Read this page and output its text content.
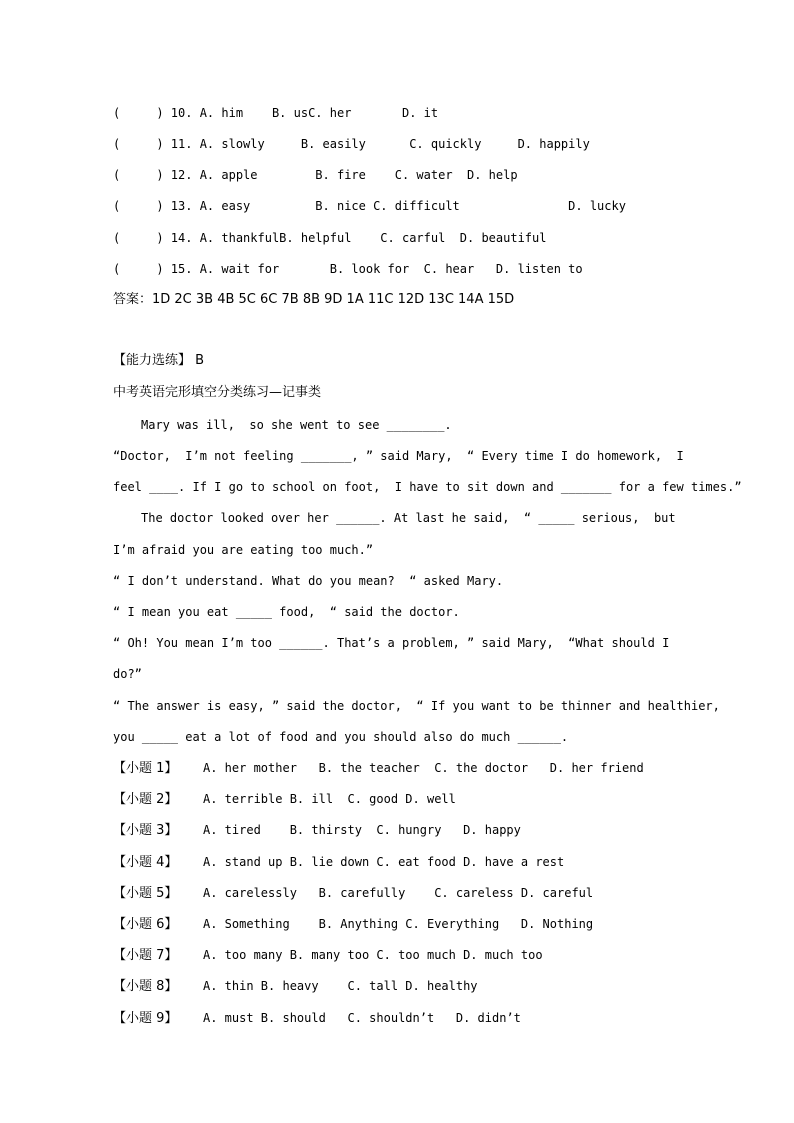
(     ) 10. A. him    B. usC. her       D. it
(     ) 11. A. slowly     B. easily      C. quickly     D. happily
(     ) 12. A. apple        B. fire    C. water  D. help
(     ) 13. A. easy         B. nice C. difficult               D. lucky
(     ) 14. A. thankfulB. helpful    C. carful  D. beautiful
(     ) 15. A. wait for       B. look for  C. hear   D. listen to
答案：1D 2C 3B 4B 5C 6C 7B 8B 9D 1A 11C 12D 13C 14A 15D
【能力选练】 B
中考英语完形填空分类练习—记事类
Mary was ill,  so she went to see ________.
“Doctor,  I’m not feeling _______, ” said Mary,  “ Every time I do homework,  I
feel ____. If I go to school on foot,  I have to sit down and _______ for a few times.”
The doctor looked over her ______. At last he said,  “ _____ serious,  but
I’m afraid you are eating too much.”
“ I don’t understand. What do you mean?  “ asked Mary.
“ I mean you eat _____ food,  “ said the doctor.
“ Oh! You mean I’m too ______. That’s a problem, ” said Mary,  “What should I
do?”
“ The answer is easy, ” said the doctor,  “ If you want to be thinner and healthier,
you _____ eat a lot of food and you should also do much ______.
【小题 1】 A. her mother   B. the teacher  C. the doctor   D. her friend
【小题 2】 A. terrible B. ill  C. good D. well
【小题 3】 A. tired    B. thirsty  C. hungry   D. happy
【小题 4】 A. stand up B. lie down C. eat food D. have a rest
【小题 5】 A. carelessly   B. carefully    C. careless D. careful
【小题 6】 A. Something    B. Anything C. Everything   D. Nothing
【小题 7】 A. too many B. many too C. too much D. much too
【小题 8】 A. thin B. heavy    C. tall D. healthy
【小题 9】 A. must B. should   C. shouldn’t   D. didn’t
